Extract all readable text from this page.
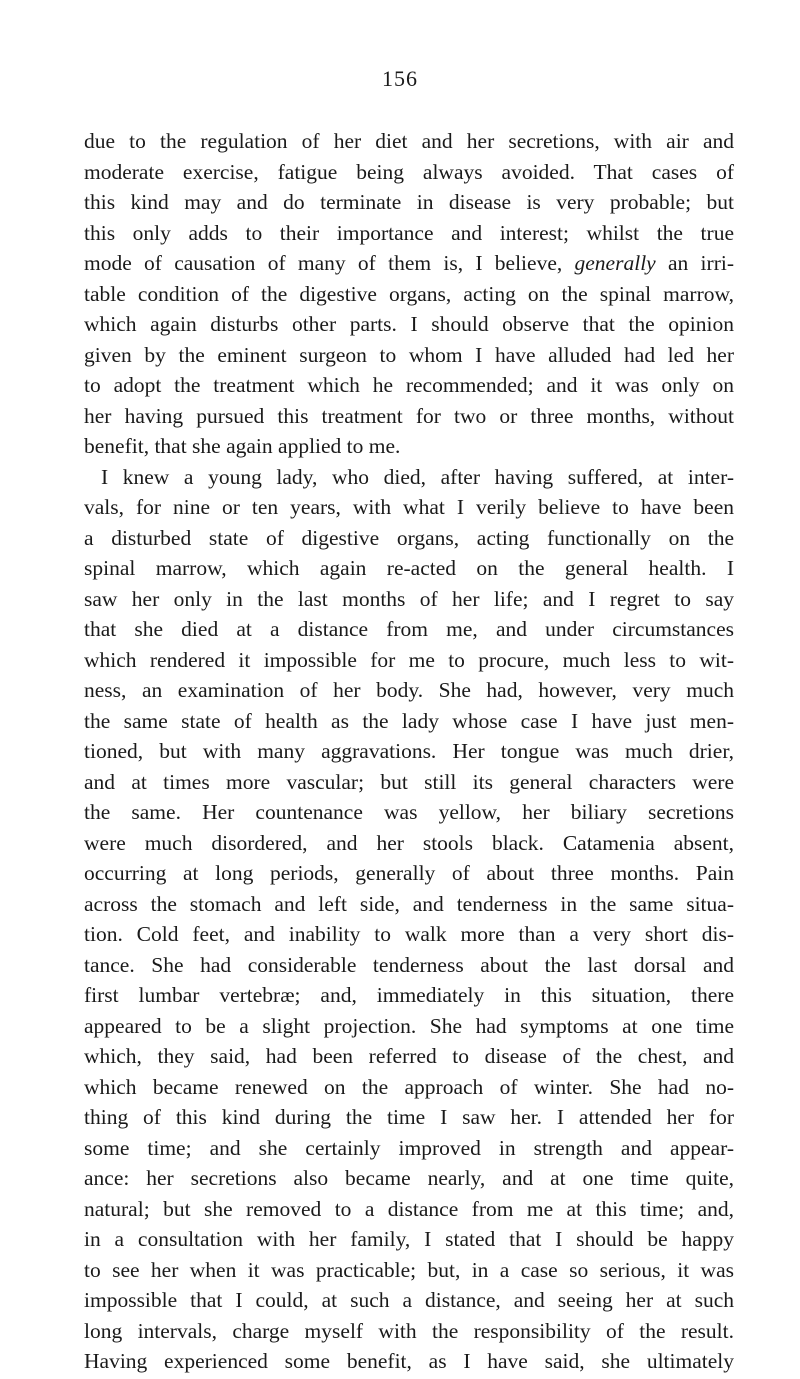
156
due to the regulation of her diet and her secretions, with air and
moderate exercise, fatigue being always avoided. That cases of
this kind may and do terminate in disease is very probable; but
this only adds to their importance and interest; whilst the true
mode of causation of many of them is, I believe, generally an irri-
table condition of the digestive organs, acting on the spinal marrow,
which again disturbs other parts. I should observe that the opinion
given by the eminent surgeon to whom I have alluded had led her
to adopt the treatment which he recommended; and it was only on
her having pursued this treatment for two or three months, without
benefit, that she again applied to me.
I knew a young lady, who died, after having suffered, at inter-
vals, for nine or ten years, with what I verily believe to have been
a disturbed state of digestive organs, acting functionally on the
spinal marrow, which again re-acted on the general health. I
saw her only in the last months of her life; and I regret to say
that she died at a distance from me, and under circumstances
which rendered it impossible for me to procure, much less to wit-
ness, an examination of her body. She had, however, very much
the same state of health as the lady whose case I have just men-
tioned, but with many aggravations. Her tongue was much drier,
and at times more vascular; but still its general characters were
the same. Her countenance was yellow, her biliary secretions
were much disordered, and her stools black. Catamenia absent,
occurring at long periods, generally of about three months. Pain
across the stomach and left side, and tenderness in the same situa-
tion. Cold feet, and inability to walk more than a very short dis-
tance. She had considerable tenderness about the last dorsal and
first lumbar vertebræ; and, immediately in this situation, there
appeared to be a slight projection. She had symptoms at one time
which, they said, had been referred to disease of the chest, and
which became renewed on the approach of winter. She had no-
thing of this kind during the time I saw her. I attended her for
some time; and she certainly improved in strength and appear-
ance: her secretions also became nearly, and at one time quite,
natural; but she removed to a distance from me at this time; and,
in a consultation with her family, I stated that I should be happy
to see her when it was practicable; but, in a case so serious, it was
impossible that I could, at such a distance, and seeing her at such
long intervals, charge myself with the responsibility of the result.
Having experienced some benefit, as I have said, she ultimately
